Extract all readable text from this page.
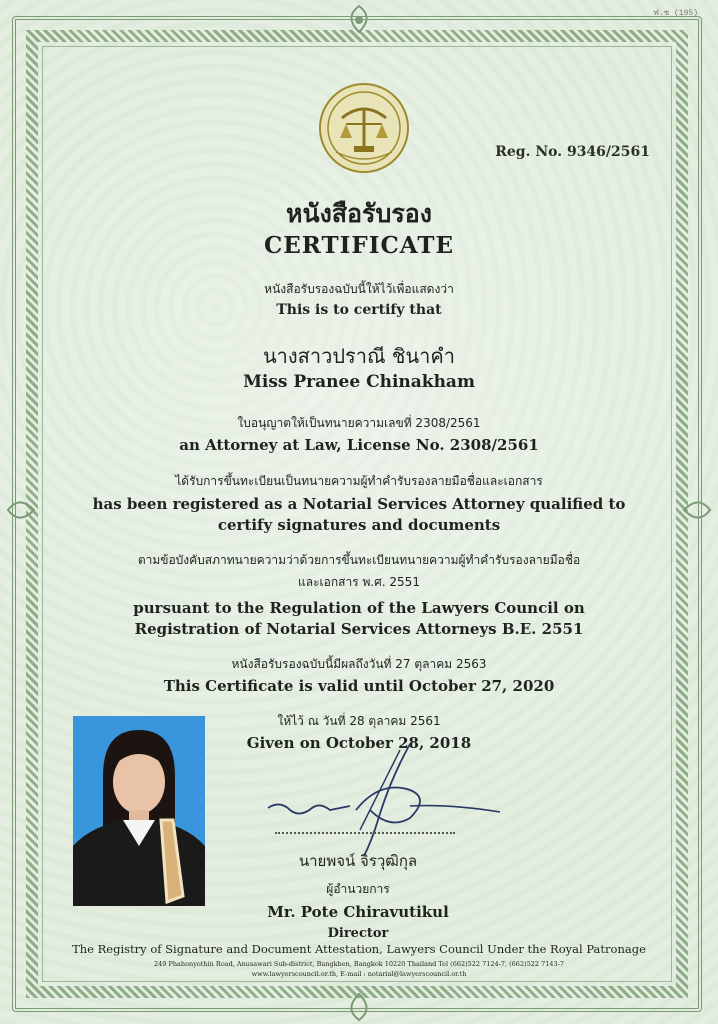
ฟ.ช (195)
Reg. No. 9346/2561
หนังสือรับรอง
CERTIFICATE
หนังสือรับรองฉบับนี้ให้ไว้เพื่อแสดงว่า
This is to certify that
นางสาวปราณี ชินาคำ
Miss Pranee Chinakham
ใบอนุญาตให้เป็นทนายความเลขที่ 2308/2561
an Attorney at Law, License No. 2308/2561
ได้รับการขึ้นทะเบียนเป็นทนายความผู้ทำคำรับรองลายมือชื่อและเอกสาร
has been registered as a Notarial Services Attorney qualified to certify signatures and documents
ตามข้อบังคับสภาทนายความว่าด้วยการขึ้นทะเบียนทนายความผู้ทำคำรับรองลายมือชื่อและเอกสาร พ.ศ. 2551
pursuant to the Regulation of the Lawyers Council on Registration of Notarial Services Attorneys B.E. 2551
หนังสือรับรองฉบับนี้มีผลถึงวันที่ 27 ตุลาคม 2563
This Certificate is valid until October 27, 2020
ให้ไว้ ณ วันที่ 28 ตุลาคม 2561
Given on October 28, 2018
นายพจน์ จิรวุฒิกุล
ผู้อำนวยการ
Mr. Pote Chiravutikul
Director
The Registry of Signature and Document Attestation, Lawyers Council Under the Royal Patronage
249 Phahonyothin Road, Anusawari Sub-district, Bangkhen, Bangkok 10220 Thailand Tel (662)522 7124-7, (662)522 7143-7
www.lawyerscouncil.or.th, E-mail : notarial@lawyerscouncil.or.th
